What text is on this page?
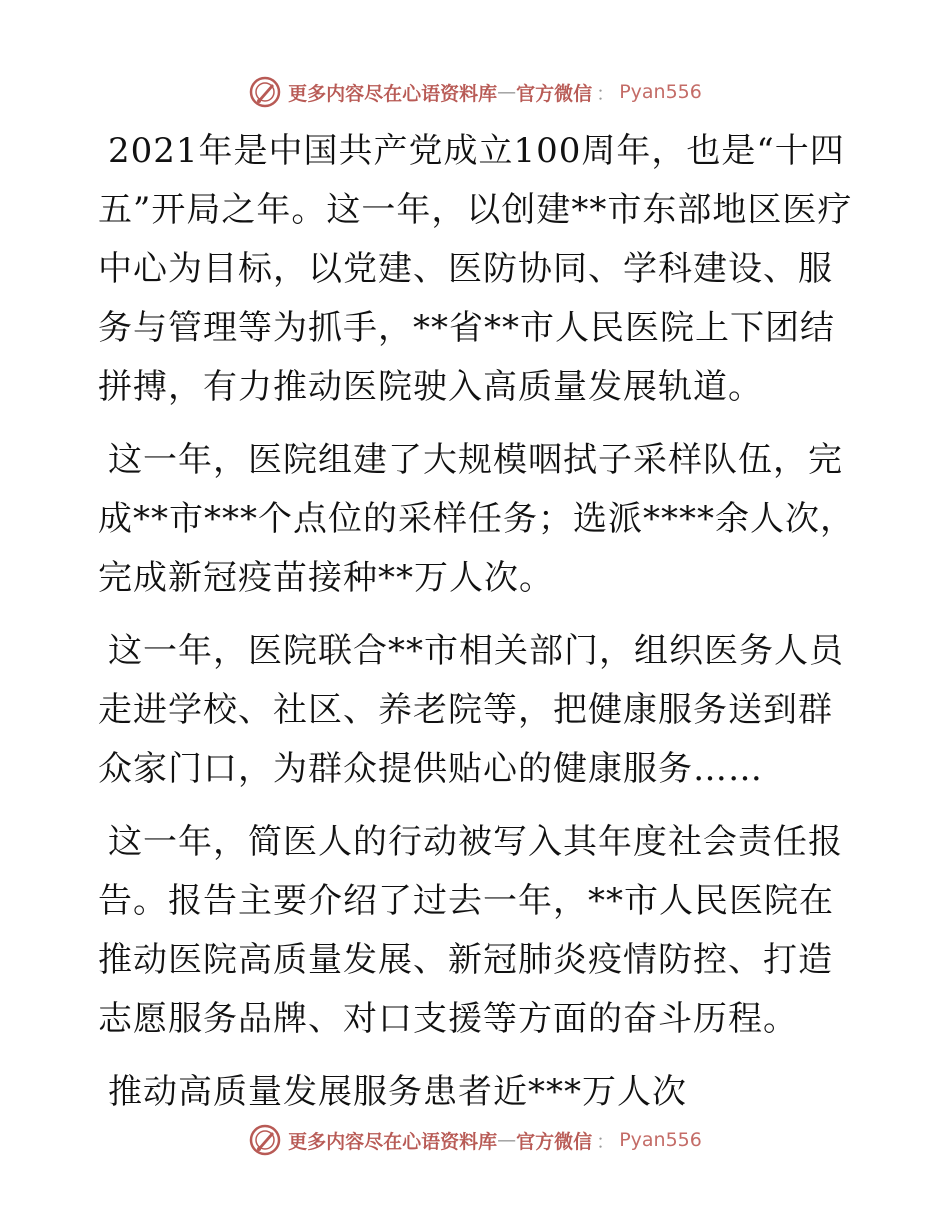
更多内容尽在心语资料库 — 官方微信 ： Pyan556

2021年是中国共产党成立100周年，也是“十四五”开局之年。这一年，以创建**市东部地区医疗中心为目标，以党建、医防协同、学科建设、服务与管理等为抓手，**省**市人民医院上下团结拼搏，有力推动医院驶入高质量发展轨道。

这一年，医院组建了大规模咽拭子采样队伍，完成**市***个点位的采样任务；选派****余人次，完成新冠疫苗接种**万人次。

这一年，医院联合**市相关部门，组织医务人员走进学校、社区、养老院等，把健康服务送到群众家门口，为群众提供贴心的健康服务……

这一年，简医人的行动被写入其年度社会责任报告。报告主要介绍了过去一年，**市人民医院在推动医院高质量发展、新冠肺炎疫情防控、打造志愿服务品牌、对口支援等方面的奋斗历程。

推动高质量发展服务患者近***万人次

更多内容尽在心语资料库 — 官方微信 ： Pyan556
